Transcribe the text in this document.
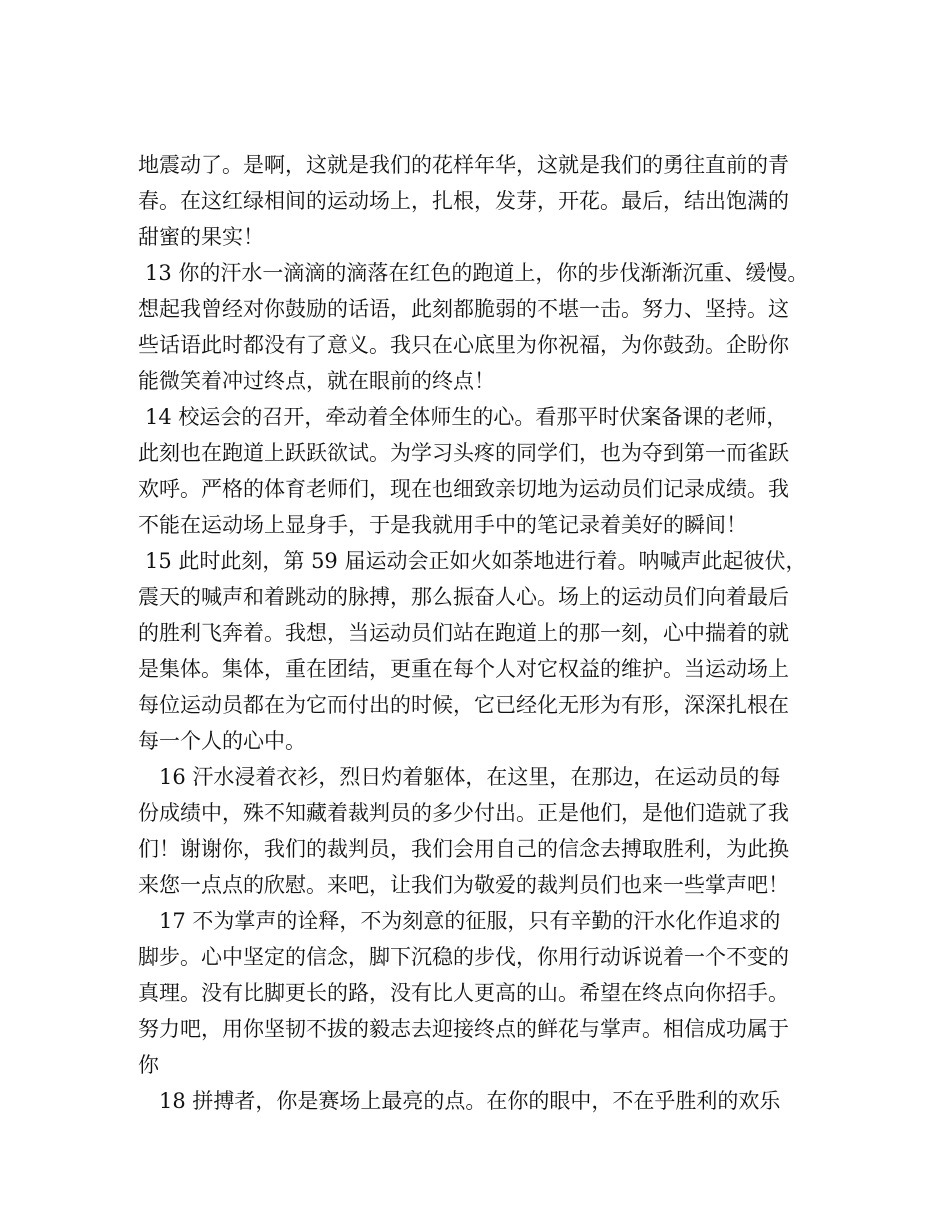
地震动了。是啊，这就是我们的花样年华，这就是我们的勇往直前的青
春。在这红绿相间的运动场上，扎根，发芽，开花。最后，结出饱满的
甜蜜的果实！
13 你的汗水一滴滴的滴落在红色的跑道上，你的步伐渐渐沉重、缓慢。
想起我曾经对你鼓励的话语，此刻都脆弱的不堪一击。努力、坚持。这
些话语此时都没有了意义。我只在心底里为你祝福，为你鼓劲。企盼你
能微笑着冲过终点，就在眼前的终点！
14 校运会的召开，牵动着全体师生的心。看那平时伏案备课的老师，
此刻也在跑道上跃跃欲试。为学习头疼的同学们，也为夺到第一而雀跃
欢呼。严格的体育老师们，现在也细致亲切地为运动员们记录成绩。我
不能在运动场上显身手，于是我就用手中的笔记录着美好的瞬间！
15 此时此刻，第 59 届运动会正如火如荼地进行着。呐喊声此起彼伏，
震天的喊声和着跳动的脉搏，那么振奋人心。场上的运动员们向着最后
的胜利飞奔着。我想，当运动员们站在跑道上的那一刻，心中揣着的就
是集体。集体，重在团结，更重在每个人对它权益的维护。当运动场上
每位运动员都在为它而付出的时候，它已经化无形为有形，深深扎根在
每一个人的心中。
16 汗水浸着衣衫，烈日灼着躯体，在这里，在那边，在运动员的每
份成绩中，殊不知藏着裁判员的多少付出。正是他们，是他们造就了我
们！谢谢你，我们的裁判员，我们会用自己的信念去搏取胜利，为此换
来您一点点的欣慰。来吧，让我们为敬爱的裁判员们也来一些掌声吧！
17 不为掌声的诠释，不为刻意的征服，只有辛勤的汗水化作追求的
脚步。心中坚定的信念，脚下沉稳的步伐，你用行动诉说着一个不变的
真理。没有比脚更长的路，没有比人更高的山。希望在终点向你招手。
努力吧，用你坚韧不拔的毅志去迎接终点的鲜花与掌声。相信成功属于
你
18 拼搏者，你是赛场上最亮的点。在你的眼中，不在乎胜利的欢乐
